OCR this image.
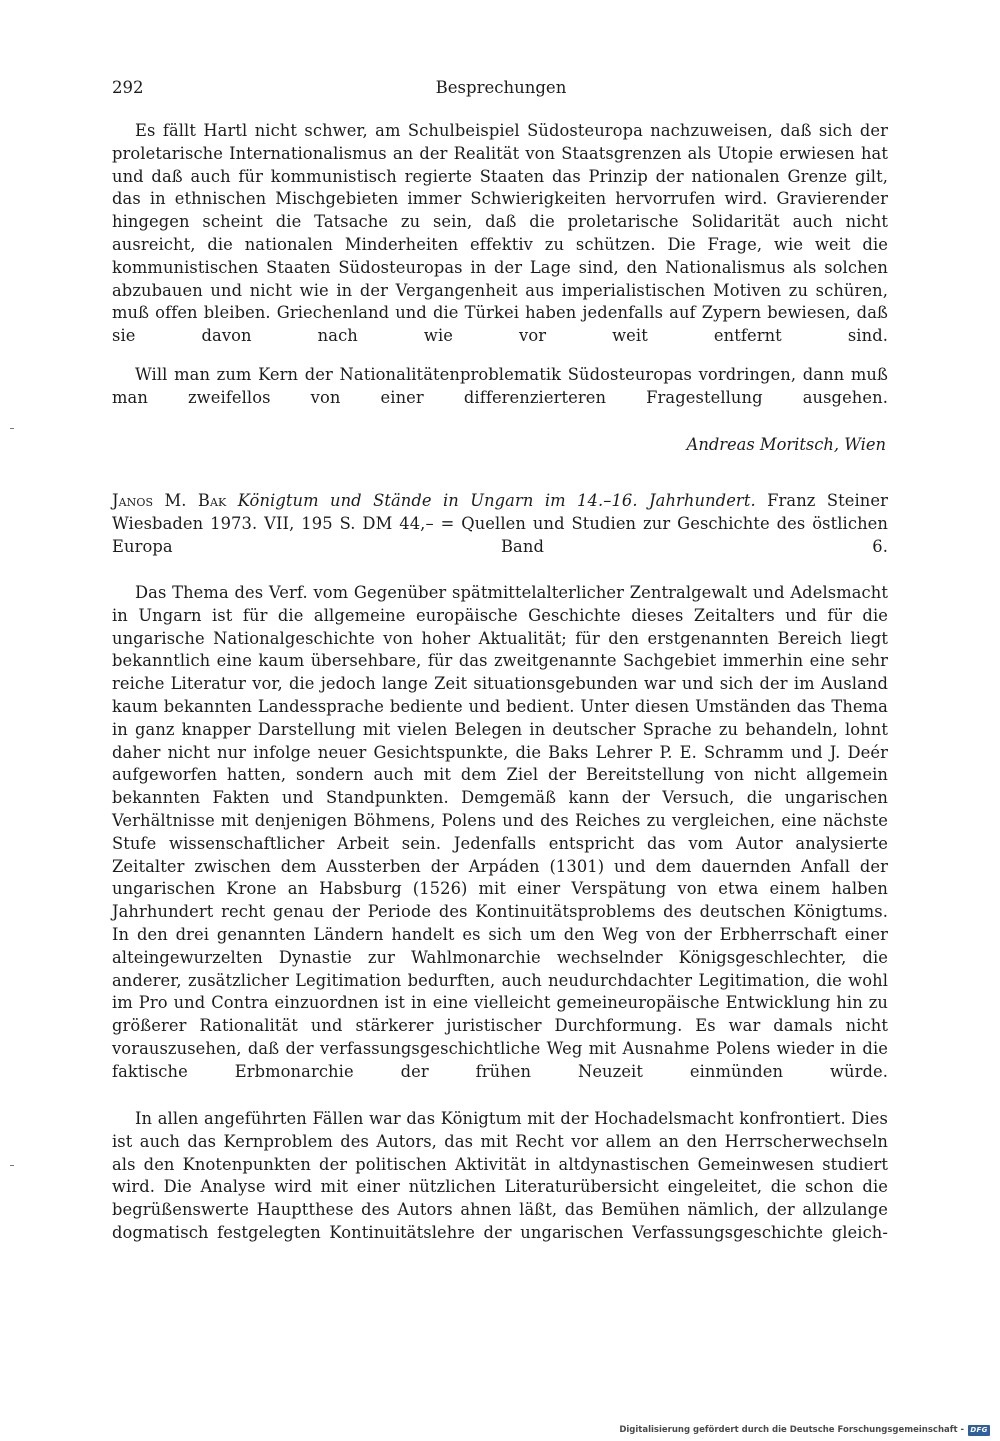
292	Besprechungen
Es fällt Hartl nicht schwer, am Schulbeispiel Südosteuropa nachzuweisen, daß sich der proletarische Internationalismus an der Realität von Staatsgrenzen als Utopie erwiesen hat und daß auch für kommunistisch regierte Staaten das Prinzip der nationalen Grenze gilt, das in ethnischen Mischgebieten immer Schwierigkeiten hervorrufen wird. Gravierender hingegen scheint die Tatsache zu sein, daß die proletarische Solidarität auch nicht ausreicht, die nationalen Minderheiten effektiv zu schützen. Die Frage, wie weit die kommunistischen Staaten Südosteuropas in der Lage sind, den Nationalismus als solchen abzubauen und nicht wie in der Vergangenheit aus imperialistischen Motiven zu schüren, muß offen bleiben. Griechenland und die Türkei haben jedenfalls auf Zypern bewiesen, daß sie davon nach wie vor weit entfernt sind.
Will man zum Kern der Nationalitätenproblematik Südosteuropas vordringen, dann muß man zweifellos von einer differenzierteren Fragestellung ausgehen.
Andreas Moritsch, Wien
Janos M. Bak Königtum und Stände in Ungarn im 14.–16. Jahrhundert. Franz Steiner Wiesbaden 1973. VII, 195 S. DM 44,– = Quellen und Studien zur Geschichte des östlichen Europa Band 6.
Das Thema des Verf. vom Gegenüber spätmittelalterlicher Zentralgewalt und Adelsmacht in Ungarn ist für die allgemeine europäische Geschichte dieses Zeitalters und für die ungarische Nationalgeschichte von hoher Aktualität; für den erstgenannten Bereich liegt bekanntlich eine kaum übersehbare, für das zweitgenannte Sachgebiet immerhin eine sehr reiche Literatur vor, die jedoch lange Zeit situationsgebunden war und sich der im Ausland kaum bekannten Landessprache bediente und bedient. Unter diesen Umständen das Thema in ganz knapper Darstellung mit vielen Belegen in deutscher Sprache zu behandeln, lohnt daher nicht nur infolge neuer Gesichtspunkte, die Baks Lehrer P. E. Schramm und J. Deér aufgeworfen hatten, sondern auch mit dem Ziel der Bereitstellung von nicht allgemein bekannten Fakten und Standpunkten. Demgemäß kann der Versuch, die ungarischen Verhältnisse mit denjenigen Böhmens, Polens und des Reiches zu vergleichen, eine nächste Stufe wissenschaftlicher Arbeit sein. Jedenfalls entspricht das vom Autor analysierte Zeitalter zwischen dem Aussterben der Arpáden (1301) und dem dauernden Anfall der ungarischen Krone an Habsburg (1526) mit einer Verspätung von etwa einem halben Jahrhundert recht genau der Periode des Kontinuitätsproblems des deutschen Königtums. In den drei genannten Ländern handelt es sich um den Weg von der Erbherrschaft einer alteingewurzelten Dynastie zur Wahlmonarchie wechselnder Königsgeschlechter, die anderer, zusätzlicher Legitimation bedurften, auch neudurchdachter Legitimation, die wohl im Pro und Contra einzuordnen ist in eine vielleicht gemeineuropäische Entwicklung hin zu größerer Rationalität und stärkerer juristischer Durchformung. Es war damals nicht vorauszusehen, daß der verfassungsgeschichtliche Weg mit Ausnahme Polens wieder in die faktische Erbmonarchie der frühen Neuzeit einmünden würde.
In allen angeführten Fällen war das Königtum mit der Hochadelsmacht konfrontiert. Dies ist auch das Kernproblem des Autors, das mit Recht vor allem an den Herrscherwechseln als den Knotenpunkten der politischen Aktivität in altdynastischen Gemeinwesen studiert wird. Die Analyse wird mit einer nützlichen Literaturübersicht eingeleitet, die schon die begrüßenswerte Hauptthese des Autors ahnen läßt, das Bemühen nämlich, der allzulange dogmatisch festgelegten Kontinuitätslehre der ungarischen Verfassungsgeschichte gleich-
Digitalisierung gefördert durch die Deutsche Forschungsgemeinschaft - DFG
